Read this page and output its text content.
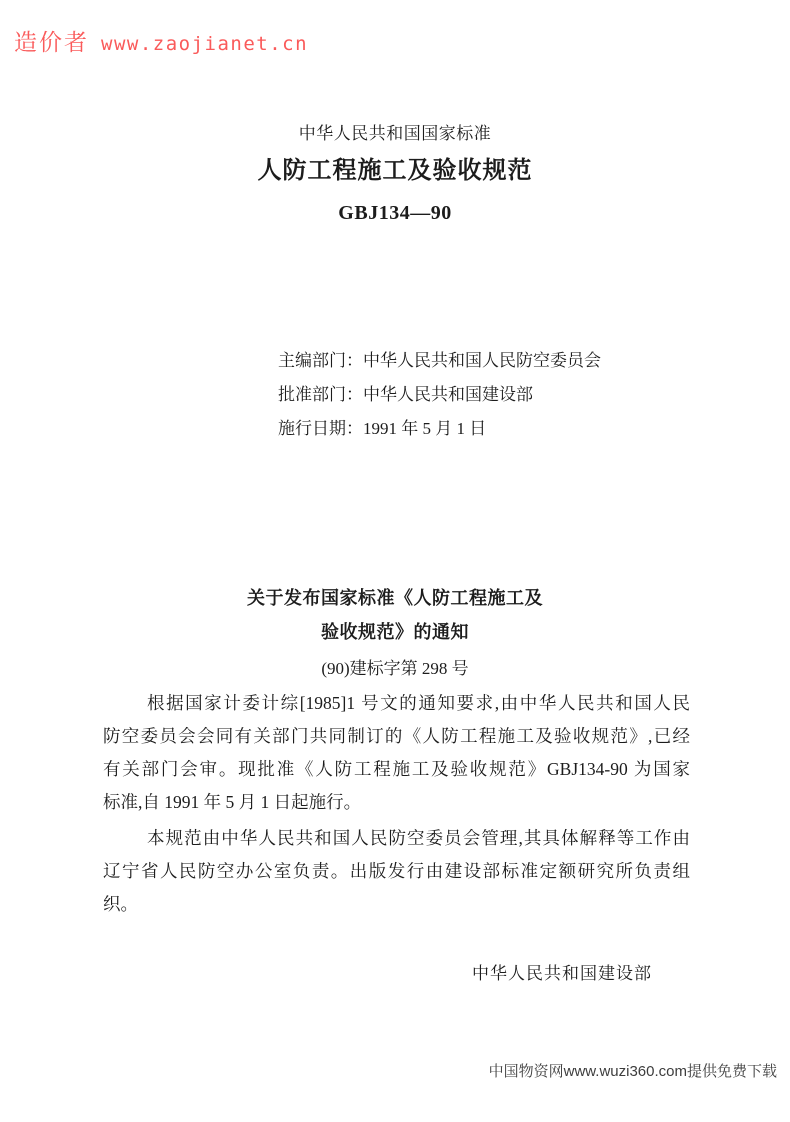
造价者 www.zaojianet.cn
中华人民共和国国家标准
人防工程施工及验收规范
GBJ134—90
主编部门：中华人民共和国人民防空委员会
批准部门：中华人民共和国建设部
施行日期：1991 年 5 月 1 日
关于发布国家标准《人防工程施工及
验收规范》的通知
(90)建标字第 298 号
根据国家计委计综[1985]1 号文的通知要求,由中华人民共和国人民
防空委员会会同有关部门共同制订的《人防工程施工及验收规范》,已经
有关部门会审。现批准《人防工程施工及验收规范》GBJ134-90 为国家
标准,自 1991 年 5 月 1 日起施行。
本规范由中华人民共和国人民防空委员会管理,其具体解释等工作由
辽宁省人民防空办公室负责。出版发行由建设部标准定额研究所负责组
织。
中华人民共和国建设部
中国物资网www.wuzi360.com提供免费下载
